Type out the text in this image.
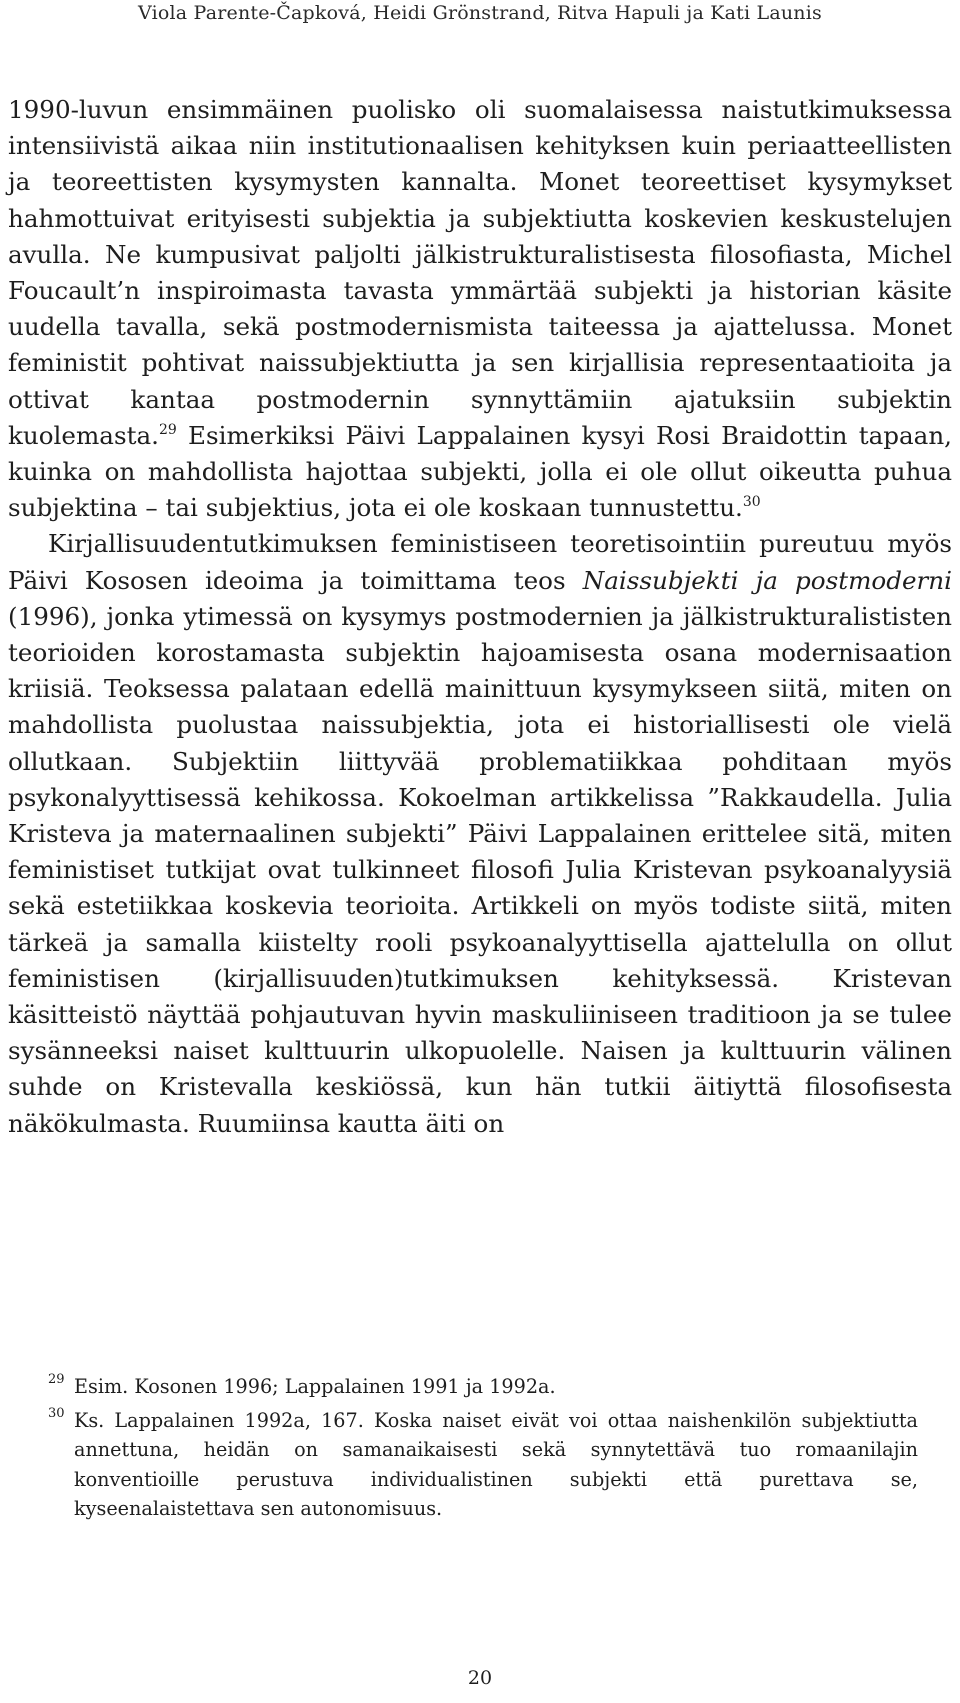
Viola Parente-Čapková, Heidi Grönstrand, Ritva Hapuli ja Kati Launis

1990-luvun ensimmäinen puolisko oli suomalaisessa naistutkimuksessa intensiivistä aikaa niin institutionaalisen kehityksen kuin periaatteellisten ja teoreettisten kysymysten kannalta. Monet teoreettiset kysymykset hahmottuivat erityisesti subjektia ja subjektiutta koskevien keskustelujen avulla. Ne kumpusivat paljolti jälkistrukturalistisesta filosofiasta, Michel Foucault’n inspiroimasta tavasta ymmärtää subjekti ja historian käsite uudella tavalla, sekä postmodernismista taiteessa ja ajattelussa. Monet feministit pohtivat naissubjektiutta ja sen kirjallisia representaatioita ja ottivat kantaa postmodernin synnyttämiin ajatuksiin subjektin kuolemasta.$^{29}$ Esimerkiksi Päivi Lappalainen kysyi Rosi Braidottin tapaan, kuinka on mahdollista hajottaa subjekti, jolla ei ole ollut oikeutta puhua subjektina – tai subjektius, jota ei ole koskaan tunnustettu.$^{30}$

Kirjallisuudentutkimuksen feministiseen teoretisointiin pureutuu myös Päivi Kososen ideoima ja toimittama teos Naissubjekti ja postmoderni (1996), jonka ytimessä on kysymys postmodernien ja jälkistrukturalististen teorioiden korostamasta subjektin hajoamisesta osana modernisaation kriisiä. Teoksessa palataan edellä mainittuun kysymykseen siitä, miten on mahdollista puolustaa naissubjektia, jota ei historiallisesti ole vielä ollutkaan. Subjektiin liittyvää problematiikkaa pohditaan myös psykonalyyttisessä kehikossa. Kokoelman artikkelissa ”Rakkaudella. Julia Kristeva ja maternaalinen subjekti” Päivi Lappalainen erittelee sitä, miten feministiset tutkijat ovat tulkinneet filosofi Julia Kristevan psykoanalyysiä sekä estetiikkaa koskevia teorioita. Artikkeli on myös todiste siitä, miten tärkeä ja samalla kiistelty rooli psykoanalyyttisella ajattelulla on ollut feministisen (kirjallisuuden)tutkimuksen kehityksessä. Kristevan käsitteistö näyttää pohjautuvan hyvin maskuliiniseen traditioon ja se tulee sysänneeksi naiset kulttuurin ulkopuolelle. Naisen ja kulttuurin välinen suhde on Kristevalla keskiössä, kun hän tutkii äitiyttä filosofisesta näkökulmasta. Ruumiinsa kautta äiti on

29 Esim. Kosonen 1996; Lappalainen 1991 ja 1992a.
30 Ks. Lappalainen 1992a, 167. Koska naiset eivät voi ottaa naishenkilön subjektiutta annettuna, heidän on samanaikaisesti sekä synnytettävä tuo romaanilajin konventioille perustuva individualistinen subjekti että purettava se, kyseenalaistettava sen autonomisuus.
20
